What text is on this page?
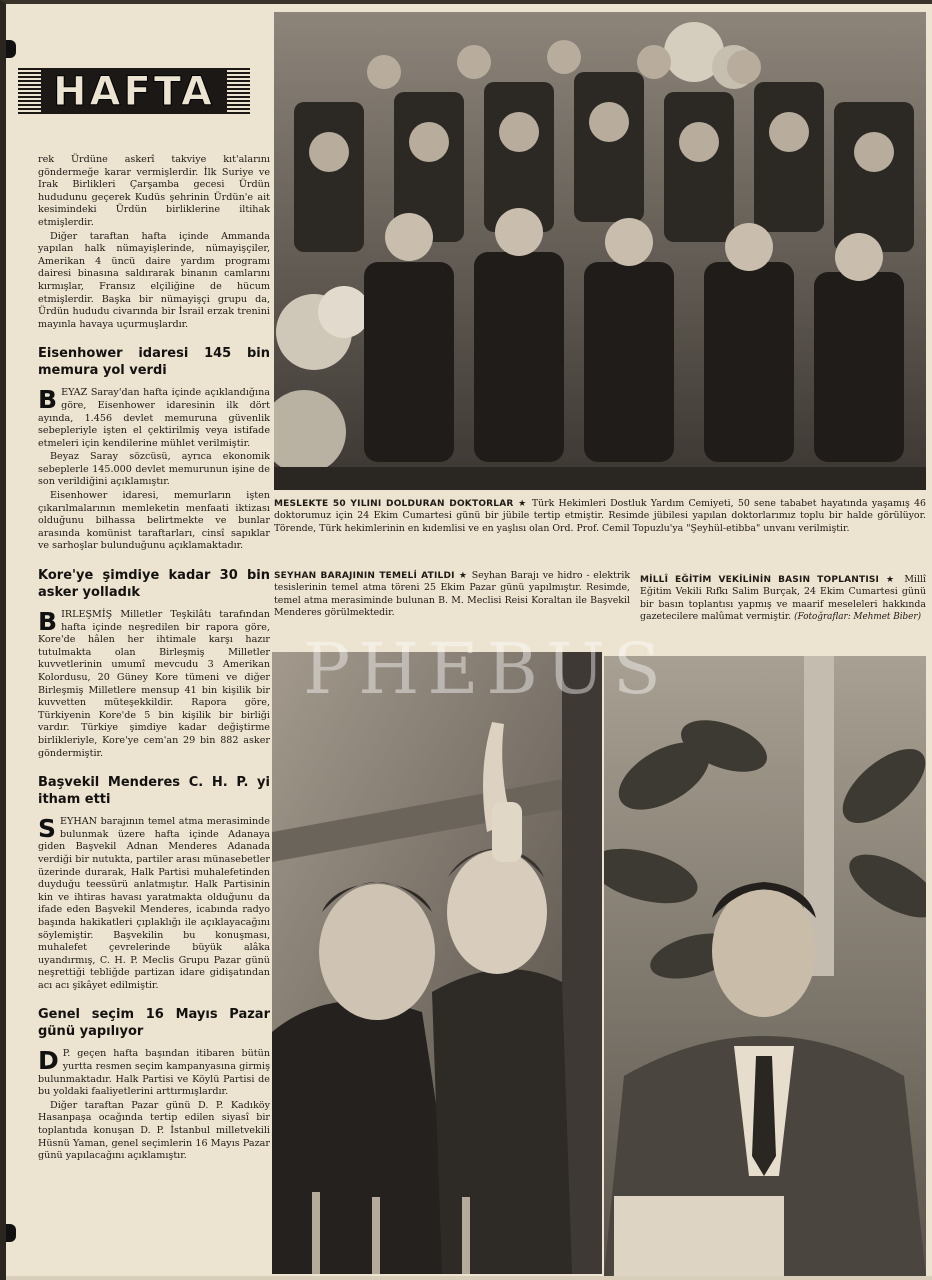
HAFTA

rek Ürdüne askerî takviye kıt'alarını göndermeğe karar vermişlerdir. İlk Suriye ve Irak Birlikleri Çarşamba gecesi Ürdün hududunu geçerek Kudüs şehrinin Ürdün'e ait kesimindeki Ürdün birliklerine iltihak etmişlerdir.

Diğer taraftan hafta içinde Ammanda yapılan halk nümayişlerinde, nümayişçiler, Amerikan 4 üncü daire yardım programı dairesi binasına saldırarak binanın camlarını kırmışlar, Fransız elçiliğine de hücum etmişlerdir. Başka bir nümayişçi grupu da, Ürdün hududu civarında bir İsrail erzak trenini mayınla havaya uçurmuşlardır.

Eisenhower idaresi 145 bin memura yol verdi

BEYAZ Saray'dan hafta içinde açıklandığına göre, Eisenhower idaresinin ilk dört ayında, 1.456 devlet memuruna güvenlik sebepleriyle işten el çektirilmiş veya istifade etmeleri için kendilerine mühlet verilmiştir.

Beyaz Saray sözcüsü, ayrıca ekonomik sebeplerle 145.000 devlet memurunun işine de son verildiğini açıklamıştır.

Eisenhower idaresi, memurların işten çıkarılmalarının memleketin menfaati iktizası olduğunu bilhassa belirtmekte ve bunlar arasında komünist taraftarları, cinsî sapıklar ve sarhoşlar bulunduğunu açıklamaktadır.

Kore'ye şimdiye kadar 30 bin asker yolladık

BIRLEŞMİŞ Milletler Teşkilâtı tarafından hafta içinde neşredilen bir rapora göre, Kore'de hâlen her ihtimale karşı hazır tutulmakta olan Birleşmiş Milletler kuvvetlerinin umumî mevcudu 3 Amerikan Kolordusu, 20 Güney Kore tümeni ve diğer Birleşmiş Milletlere mensup 41 bin kişilik bir kuvvetten müteşekkildir. Rapora göre, Türkiyenin Kore'de 5 bin kişilik bir birliği vardır. Türkiye şimdiye kadar değiştirme birlikleriyle, Kore'ye cem'an 29 bin 882 asker göndermiştir.

Başvekil Menderes C. H. P. yi itham etti

SEYHAN barajının temel atma merasiminde bulunmak üzere hafta içinde Adanaya giden Başvekil Adnan Menderes Adanada verdiği bir nutukta, partiler arası münasebetler üzerinde durarak, Halk Partisi muhalefetinden duyduğu teessürü anlatmıştır. Halk Partisinin kin ve ihtiras havası yaratmakta olduğunu da ifade eden Başvekil Menderes, icabında radyo başında hakikatleri çıplaklığı ile açıklayacağını söylemiştir. Başvekilin bu konuşması, muhalefet çevrelerinde büyük alâka uyandırmış, C. H. P. Meclis Grupu Pazar günü neşrettiği tebliğde partizan idare gidişatından acı acı şikâyet edilmiştir.

Genel seçim 16 Mayıs Pazar günü yapılıyor

D P. geçen hafta başından itibaren bütün yurtta resmen seçim kampanyasına girmiş bulunmaktadır. Halk Partisi ve Köylü Partisi de bu yoldaki faaliyetlerini arttırmışlardır.

Diğer taraftan Pazar günü D. P. Kadıköy Hasanpaşa ocağında tertip edilen siyasî bir toplantıda konuşan D. P. İstanbul milletvekili Hüsnü Yaman, genel seçimlerin 16 Mayıs Pazar günü yapılacağını açıklamıştır.

MESLEKTE 50 YILINI DOLDURAN DOKTORLAR ★ Türk Hekimleri Dostluk Yardım Cemiyeti, 50 sene tababet hayatında yaşamış 46 doktorumuz için 24 Ekim Cumartesi günü bir jübile tertip etmiştir. Resimde jübilesi yapılan doktorlarımız toplu bir halde görülüyor. Törende, Türk hekimlerinin en kıdemlisi ve en yaşlısı olan Ord. Prof. Cemil Topuzlu'ya "Şeyhül-etibba" unvanı verilmiştir.
SEYHAN BARAJININ TEMELİ ATILDI ★ Seyhan Barajı ve hidro - elektrik tesislerinin temel atma töreni 25 Ekim Pazar günü yapılmıştır. Resimde, temel atma merasiminde bulunan B. M. Meclisi Reisi Koraltan ile Başvekil Menderes görülmektedir.
MİLLÎ EĞİTİM VEKİLİNİN BASIN TOPLANTISI ★ Millî Eğitim Vekili Rıfkı Salim Burçak, 24 Ekim Cumartesi günü bir basın toplantısı yapmış ve maarif meseleleri hakkında gazetecilere malûmat vermiştir. (Fotoğraflar: Mehmet Biber)
PHEBUS
